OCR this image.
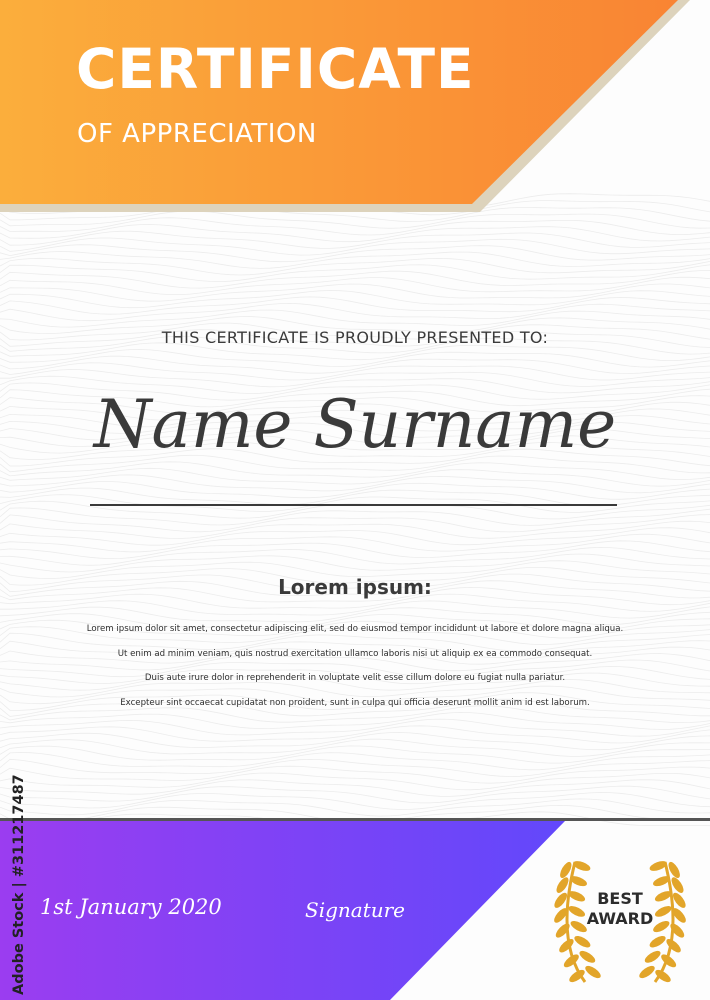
CERTIFICATE

OF APPRECIATION

THIS CERTIFICATE IS PROUDLY PRESENTED TO:
Name Surname
Lorem ipsum:
Lorem ipsum dolor sit amet, consectetur adipiscing elit, sed do eiusmod tempor incididunt ut labore et dolore magna aliqua.
Ut enim ad minim veniam, quis nostrud exercitation ullamco laboris nisi ut aliquip ex ea commodo consequat.
Duis aute irure dolor in reprehenderit in voluptate velit esse cillum dolore eu fugiat nulla pariatur.
Excepteur sint occaecat cupidatat non proident, sunt in culpa qui officia deserunt mollit anim id est laborum.
1st January 2020	Signature	BEST
AWARD
Adobe Stock | #311217487
